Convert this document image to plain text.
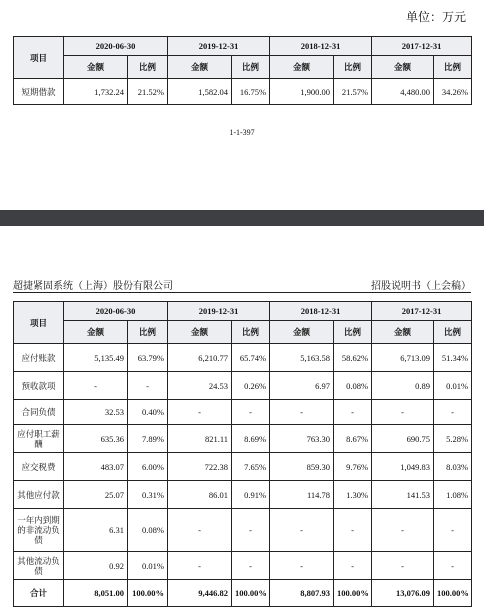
单位：万元
项目	2020-06-30		2019-12-31		2018-12-31		2017-12-31	
	金额	比例	金额	比例	金额	比例	金额	比例
短期借款	1,732.24	21.52%	1,582.04	16.75%	1,900.00	21.57%	4,480.00	34.26%
1-1-397
超捷紧固系统（上海）股份有限公司	招股说明书（上会稿）
项目	2020-06-30		2019-12-31		2018-12-31		2017-12-31	
	金额	比例	金额	比例	金额	比例	金额	比例
应付账款	5,135.49	63.79%	6,210.77	65.74%	5,163.58	58.62%	6,713.09	51.34%
预收款项	-	-	24.53	0.26%	6.97	0.08%	0.89	0.01%
合同负债	32.53	0.40%	-	-	-	-	-	-
应付职工薪酬	635.36	7.89%	821.11	8.69%	763.30	8.67%	690.75	5.28%
应交税费	483.07	6.00%	722.38	7.65%	859.30	9.76%	1,049.83	8.03%
其他应付款	25.07	0.31%	86.01	0.91%	114.78	1.30%	141.53	1.08%
一年内到期的非流动负债	6.31	0.08%	-	-	-	-	-	-
其他流动负债	0.92	0.01%	-	-	-	-	-	-
合计	8,051.00	100.00%	9,446.82	100.00%	8,807.93	100.00%	13,076.09	100.00%
